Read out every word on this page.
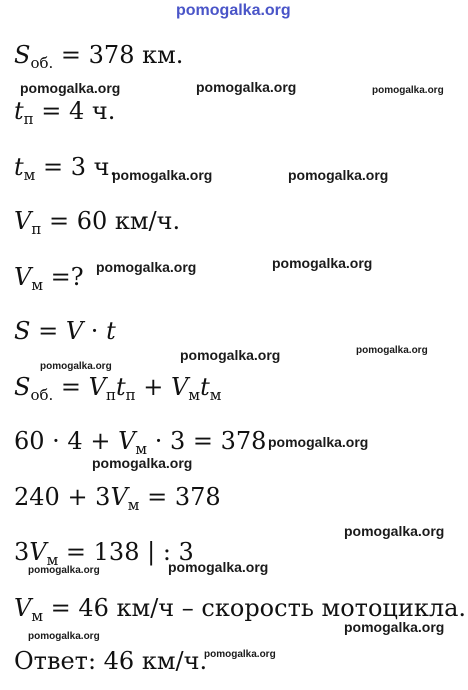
pomogalka.org
pomogalka.org	pomogalka.org
pomogalka.org
pomogalka.org	pomogalka.org
pomogalka.org	pomogalka.org
pomogalka.org
pomogalka.org	pomogalka.org
pomogalka.org
pomogalka.org
pomogalka.org
pomogalka.org	pomogalka.org
pomogalka.org
pomogalka.org
pomogalka.org
$S_{об.} = 378$ км.
$t_п = 4$ ч.
$t_м = 3$ ч.
$V_п = 60$ км/ч.
$V_м$ =?
S = V · t
$S_{об.} = V_пt_п + V_мt_м$
$60 \cdot 4 + V_м \cdot 3 = 378$
$240 + 3V_м = 378$
$3V_м = 138$ | : 3
$V_м = 46$ км/ч – скорость мотоцикла.
Ответ: 46 км/ч.
